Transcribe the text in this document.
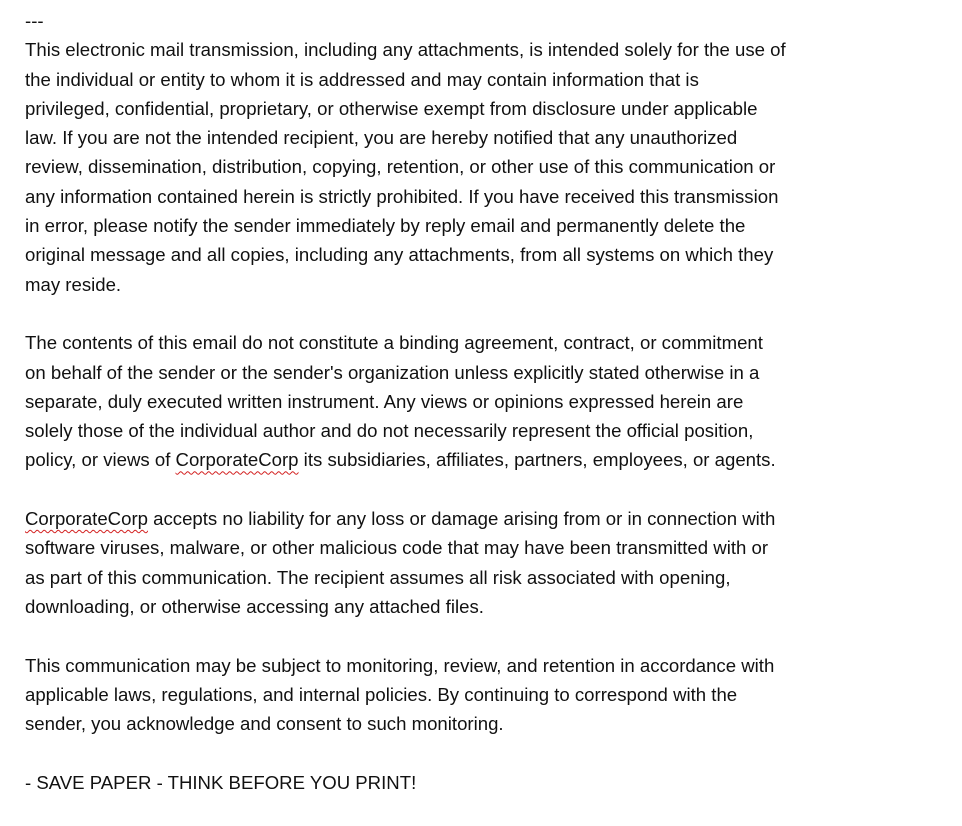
---
This electronic mail transmission, including any attachments, is intended solely for the use of
the individual or entity to whom it is addressed and may contain information that is
privileged, confidential, proprietary, or otherwise exempt from disclosure under applicable
law. If you are not the intended recipient, you are hereby notified that any unauthorized
review, dissemination, distribution, copying, retention, or other use of this communication or
any information contained herein is strictly prohibited. If you have received this transmission
in error, please notify the sender immediately by reply email and permanently delete the
original message and all copies, including any attachments, from all systems on which they
may reside.
The contents of this email do not constitute a binding agreement, contract, or commitment
on behalf of the sender or the sender's organization unless explicitly stated otherwise in a
separate, duly executed written instrument. Any views or opinions expressed herein are
solely those of the individual author and do not necessarily represent the official position,
policy, or views of CorporateCorp its subsidiaries, affiliates, partners, employees, or agents.
CorporateCorp accepts no liability for any loss or damage arising from or in connection with
software viruses, malware, or other malicious code that may have been transmitted with or
as part of this communication. The recipient assumes all risk associated with opening,
downloading, or otherwise accessing any attached files.
This communication may be subject to monitoring, review, and retention in accordance with
applicable laws, regulations, and internal policies. By continuing to correspond with the
sender, you acknowledge and consent to such monitoring.
- SAVE PAPER - THINK BEFORE YOU PRINT!
